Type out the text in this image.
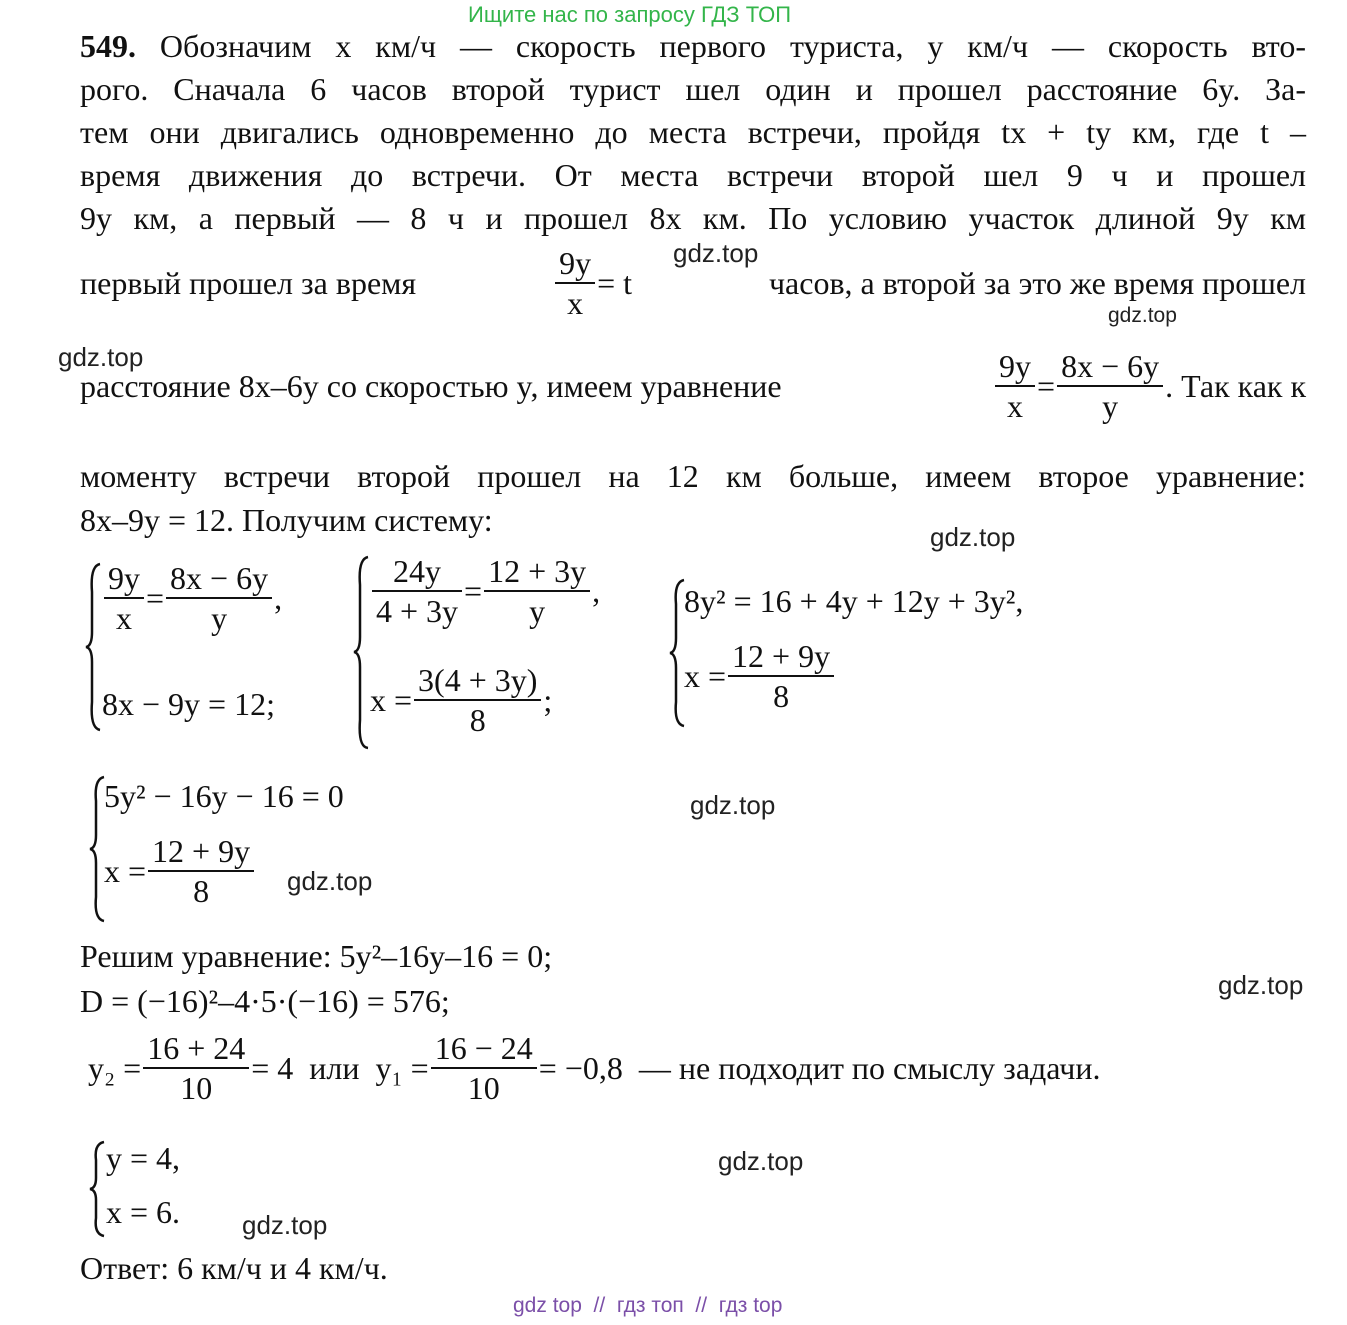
Ищите нас по запросу ГДЗ ТОП
549. Обозначим x км/ч — скорость первого туриста, y км/ч — скорость вто-
рого. Сначала 6 часов второй турист шел один и прошел расстояние 6y. За-
тем они двигались одновременно до места встречи, пройдя tx + ty км, где t –
время движения до встречи. От места встречи второй шел 9 ч и прошел
9y км, а первый — 8 ч и прошел 8x км. По условию участок длиной 9y км
первый прошел за время	$\frac{9y}{x} = t$	часов, а второй за это же время прошел
расстояние 8x–6y со скоростью y, имеем уравнение	$\frac{9y}{x} = \frac{8x - 6y}{y}$ . Так как к
моменту встречи второй прошел на 12 км больше, имеем второе уравнение:
8x–9y = 12. Получим систему:
$\frac{9y}{x} = \frac{8x - 6y}{y}$ ,
8x − 9y = 12;
$\frac{24y}{4 + 3y} = \frac{12 + 3y}{y}$ ,
$x = \frac{3(4 + 3y)}{8}$ ;
8y² = 16 + 4y + 12y + 3y²,
$x = \frac{12 + 9y}{8}$
5y² − 16y − 16 = 0
$x = \frac{12 + 9y}{8}$
Решим уравнение: 5y²–16y–16 = 0;
D = (−16)²–4·5·(−16) = 576;
$y_2 = \frac{16 + 24}{10} = 4$  или
$y_1 = \frac{16 - 24}{10} = -0,8$  — не подходит по смыслу задачи.
y = 4,
x = 6.
Ответ: 6 км/ч и 4 км/ч.
gdz.top
gdz.top
gdz.top
gdz.top
gdz.top
gdz.top
gdz.top
gdz.top
gdz.top
gdz top  //  гдз топ  //  гдз top
